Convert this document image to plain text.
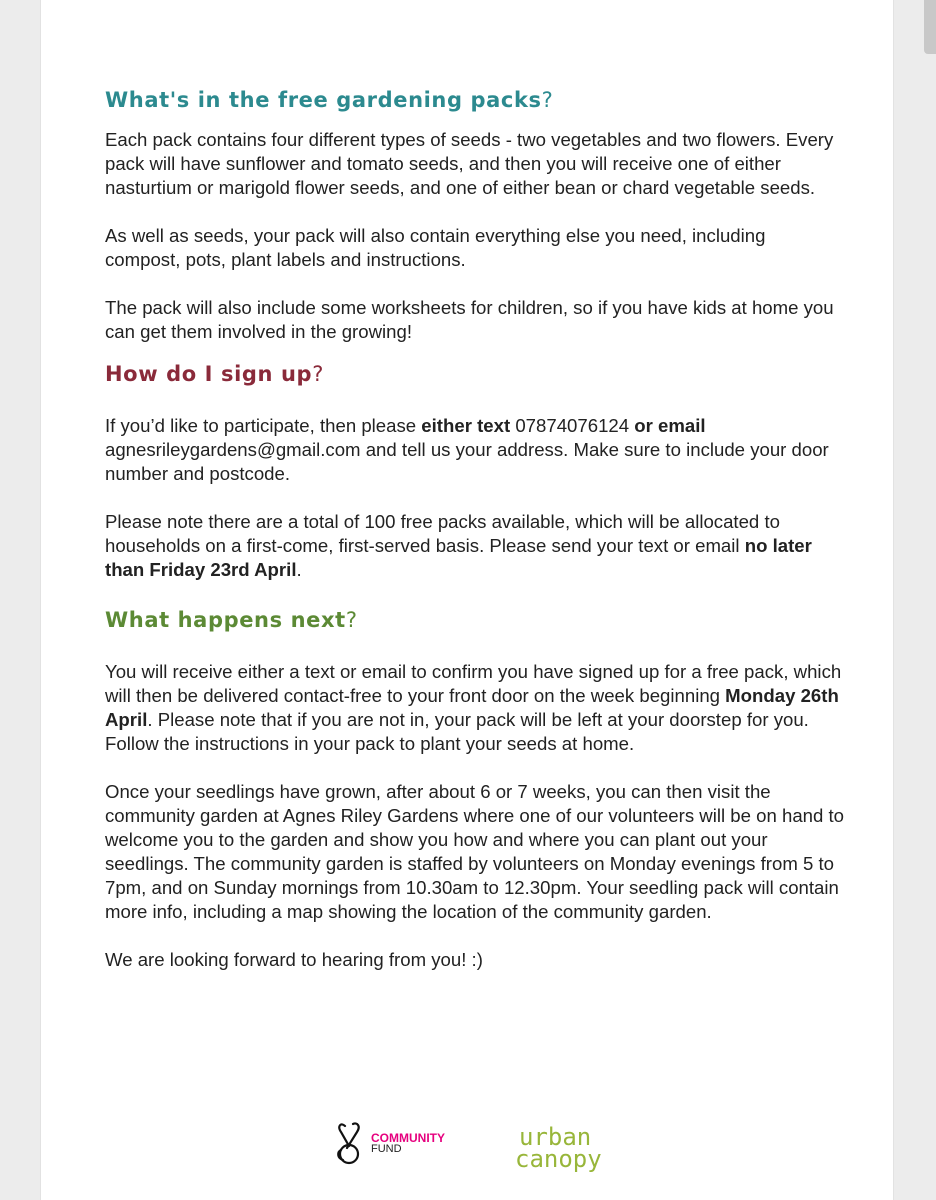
What's in the free gardening packs?

Each pack contains four different types of seeds - two vegetables and two flowers. Every pack will have sunflower and tomato seeds, and then you will receive one of either nasturtium or marigold flower seeds, and one of either bean or chard vegetable seeds.

As well as seeds, your pack will also contain everything else you need, including compost, pots, plant labels and instructions.

The pack will also include some worksheets for children, so if you have kids at home you can get them involved in the growing!

How do I sign up?

If you’d like to participate, then please either text 07874076124 or email agnesrileygardens@gmail.com and tell us your address. Make sure to include your door number and postcode.

Please note there are a total of 100 free packs available, which will be allocated to households on a first-come, first-served basis. Please send your text or email no later than Friday 23rd April.

What happens next?

You will receive either a text or email to confirm you have signed up for a free pack, which will then be delivered contact-free to your front door on the week beginning Monday 26th April. Please note that if you are not in, your pack will be left at your doorstep for you. Follow the instructions in your pack to plant your seeds at home.

Once your seedlings have grown, after about 6 or 7 weeks, you can then visit the community garden at Agnes Riley Gardens where one of our volunteers will be on hand to welcome you to the garden and show you how and where you can plant out your seedlings. The community garden is staffed by volunteers on Monday evenings from 5 to 7pm, and on Sunday mornings from 10.30am to 12.30pm. Your seedling pack will contain more info, including a map showing the location of the community garden.

We are looking forward to hearing from you! :)

COMMUNITY
FUND	urban
canopy
